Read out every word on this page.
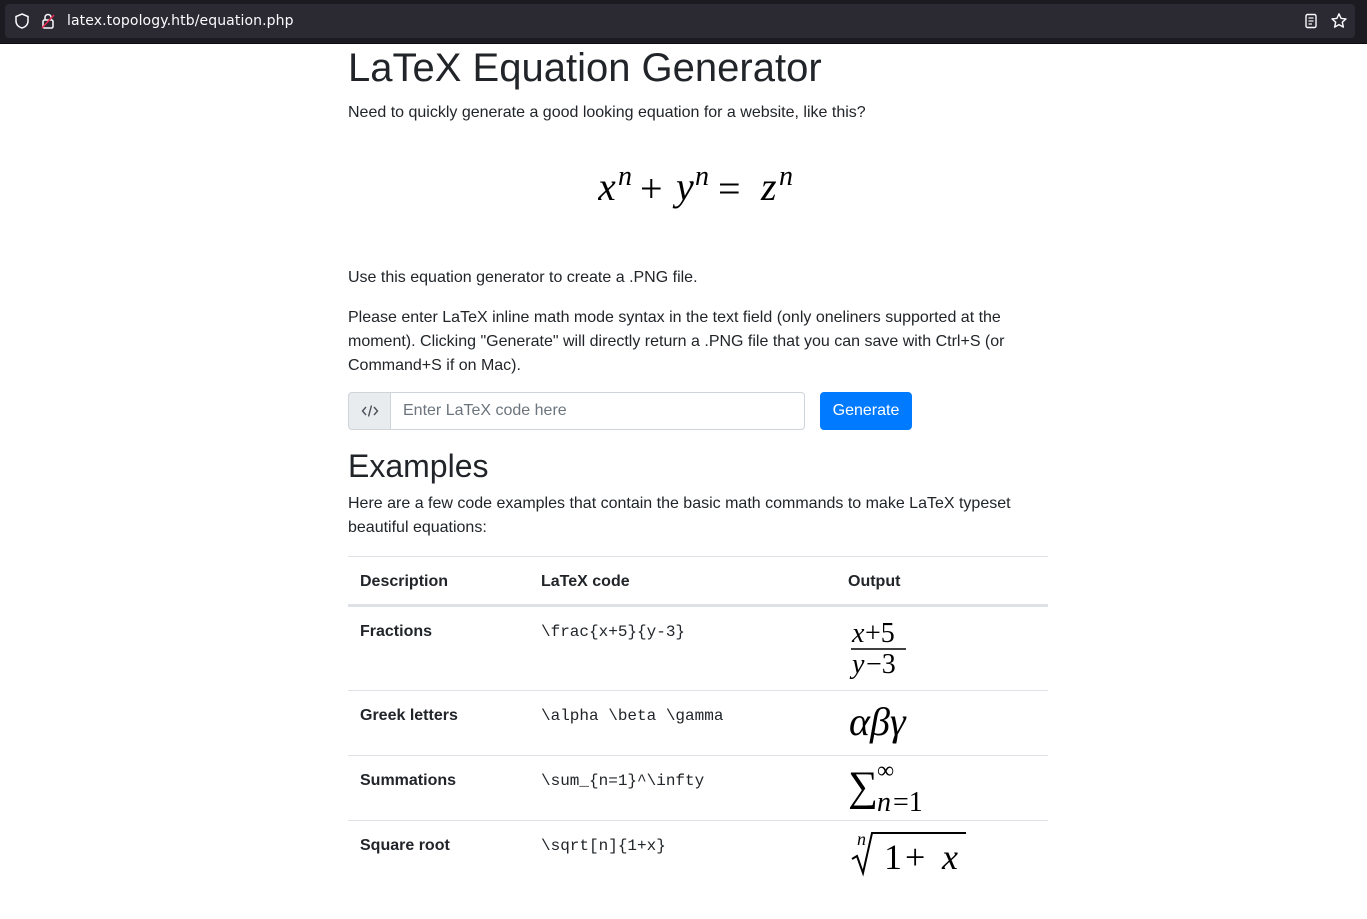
latex.topology.htb/equation.php
LaTeX Equation Generator

Need to quickly generate a good looking equation for a website, like this?

x n + y n = z n

Use this equation generator to create a .PNG file.

Please enter LaTeX inline math mode syntax in the text field (only oneliners supported at the
moment). Clicking "Generate" will directly return a .PNG file that you can save with Ctrl+S (or
Command+S if on Mac).

Enter LaTeX code here
Generate
Examples

Here are a few code examples that contain the basic math commands to make LaTeX typeset
beautiful equations:

Description	LaTeX code	Output
Fractions	\frac{x+5}{y-3}	x +5
y −3
Greek letters	\alpha \beta \gamma	αβγ
Summations	\sum_{n=1}^\infty	∑ ∞
n =1
Square root	\sqrt[n]{1+x}	n 1 + x
